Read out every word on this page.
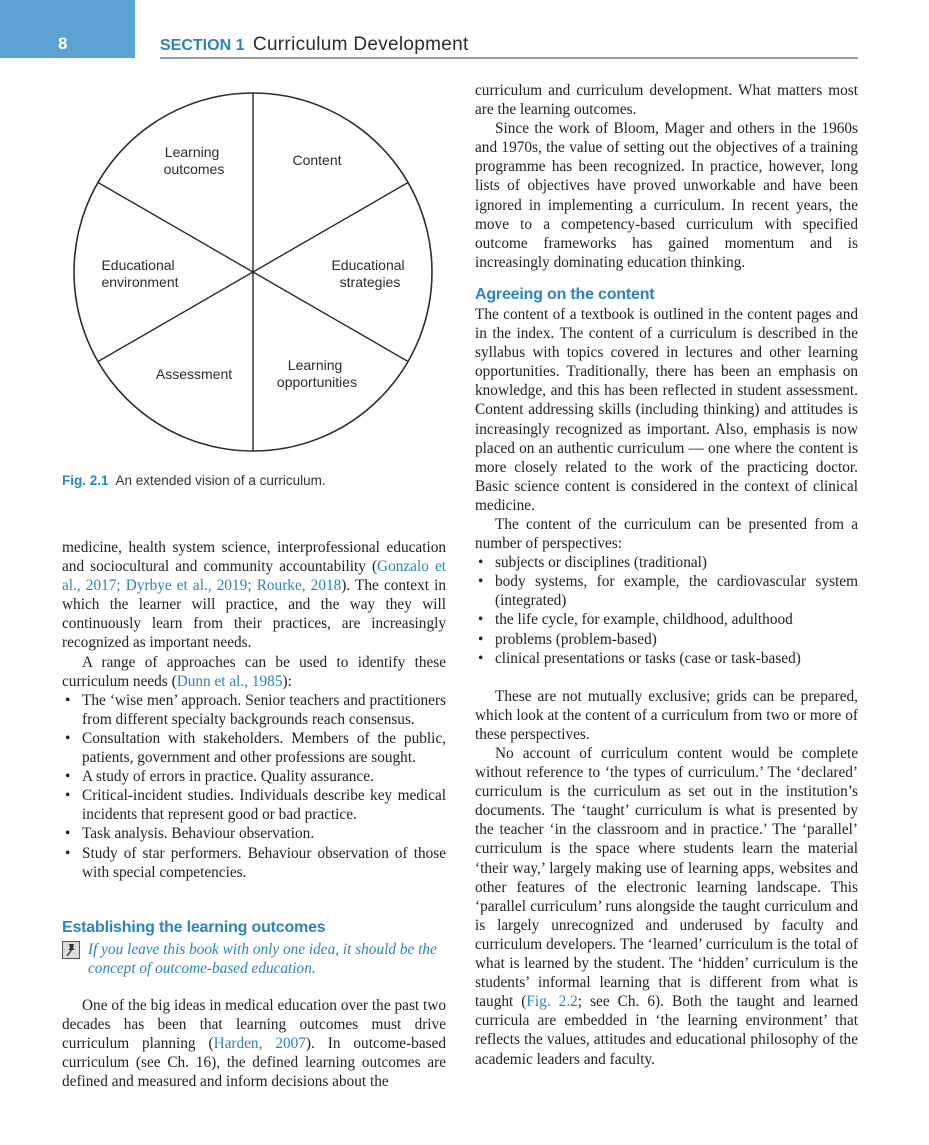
8	SECTION 1 Curriculum Development
Learning outcomes
Content
Educational strategies
Learning opportunities
Assessment
Educational environment
Fig. 2.1 An extended vision of a curriculum.

medicine, health system science, interprofessional education and sociocultural and community accountability (Gonzalo et al., 2017; Dyrbye et al., 2019; Rourke, 2018). The context in which the learner will practice, and the way they will continuously learn from their practices, are increasingly recognized as important needs.

A range of approaches can be used to identify these curriculum needs (Dunn et al., 1985):

• The ‘wise men’ approach. Senior teachers and practitioners from different specialty backgrounds reach consensus.
• Consultation with stakeholders. Members of the public, patients, government and other professions are sought.
• A study of errors in practice. Quality assurance.
• Critical-incident studies. Individuals describe key medical incidents that represent good or bad practice.
• Task analysis. Behaviour observation.
• Study of star performers. Behaviour observation of those with special competencies.
Establishing the learning outcomes
If you leave this book with only one idea, it should be the concept of outcome-based education.

One of the big ideas in medical education over the past two decades has been that learning outcomes must drive curriculum planning (Harden, 2007). In outcome-based curriculum (see Ch. 16), the defined learning outcomes are defined and measured and inform decisions about the

curriculum and curriculum development. What matters most are the learning outcomes.

Since the work of Bloom, Mager and others in the 1960s and 1970s, the value of setting out the objectives of a training programme has been recognized. In practice, however, long lists of objectives have proved unworkable and have been ignored in implementing a curriculum. In recent years, the move to a competency-based curriculum with specified outcome frameworks has gained momentum and is increasingly dominating education thinking.

Agreeing on the content

The content of a textbook is outlined in the content pages and in the index. The content of a curriculum is described in the syllabus with topics covered in lectures and other learning opportunities. Traditionally, there has been an emphasis on knowledge, and this has been reflected in student assessment. Content addressing skills (including thinking) and attitudes is increasingly recognized as important. Also, emphasis is now placed on an authentic curriculum — one where the content is more closely related to the work of the practicing doctor. Basic science content is considered in the context of clinical medicine.

The content of the curriculum can be presented from a number of perspectives:

• subjects or disciplines (traditional)
• body systems, for example, the cardiovascular system (integrated)
• the life cycle, for example, childhood, adulthood
• problems (problem-based)
• clinical presentations or tasks (case or task-based)

These are not mutually exclusive; grids can be prepared, which look at the content of a curriculum from two or more of these perspectives.

No account of curriculum content would be complete without reference to ‘the types of curriculum.’ The ‘declared’ curriculum is the curriculum as set out in the institution’s documents. The ‘taught’ curriculum is what is presented by the teacher ‘in the classroom and in practice.’ The ‘parallel’ curriculum is the space where students learn the material ‘their way,’ largely making use of learning apps, websites and other features of the electronic learning landscape. This ‘parallel curriculum’ runs alongside the taught curriculum and is largely unrecognized and underused by faculty and curriculum developers. The ‘learned’ curriculum is the total of what is learned by the student. The ‘hidden’ curriculum is the students’ informal learning that is different from what is taught (Fig. 2.2; see Ch. 6). Both the taught and learned curricula are embedded in ‘the learning environment’ that reflects the values, attitudes and educational philosophy of the academic leaders and faculty.
